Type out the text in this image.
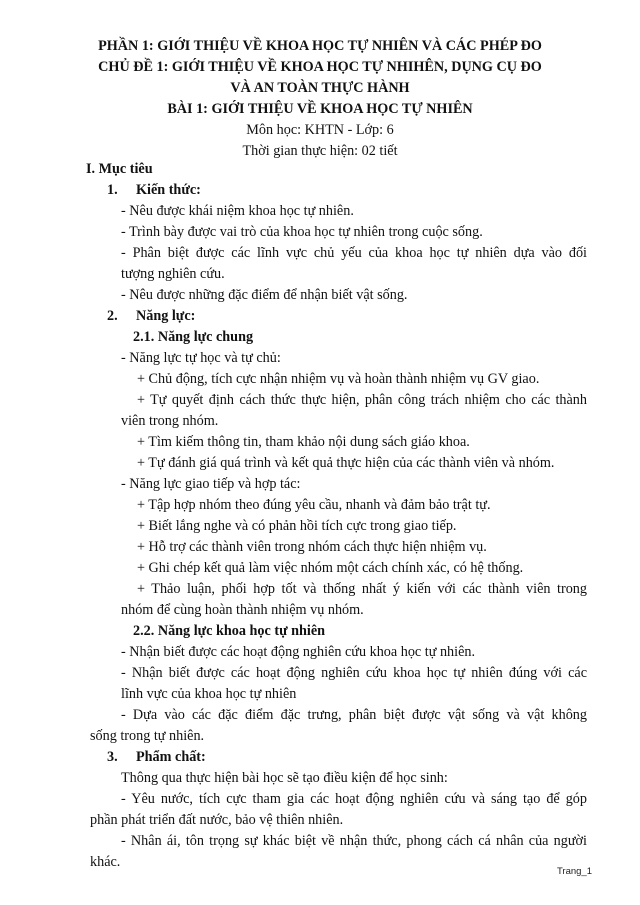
PHẦN 1: GIỚI THIỆU VỀ KHOA HỌC TỰ NHIÊN VÀ CÁC PHÉP ĐO
CHỦ ĐỀ 1: GIỚI THIỆU VỀ KHOA HỌC TỰ NHIHÊN, DỤNG CỤ ĐO
VÀ AN TOÀN THỰC HÀNH
BÀI 1: GIỚI THIỆU VỀ KHOA HỌC TỰ NHIÊN
Môn học: KHTN - Lớp: 6
Thời gian thực hiện: 02 tiết
I. Mục tiêu
1. Kiến thức:
- Nêu được khái niệm khoa học tự nhiên.
- Trình bày được vai trò của khoa học tự nhiên trong cuộc sống.
- Phân biệt được các lĩnh vực chủ yếu của khoa học tự nhiên dựa vào đối
tượng nghiên cứu.
- Nêu được những đặc điểm để nhận biết vật sống.
2. Năng lực:
2.1. Năng lực chung
- Năng lực tự học và tự chủ:
+ Chủ động, tích cực nhận nhiệm vụ và hoàn thành nhiệm vụ GV giao.
+ Tự quyết định cách thức thực hiện, phân công trách nhiệm cho các thành
viên trong nhóm.
+ Tìm kiếm thông tin, tham khảo nội dung sách giáo khoa.
+ Tự đánh giá quá trình và kết quả thực hiện của các thành viên và nhóm.
- Năng lực giao tiếp và hợp tác:
+ Tập hợp nhóm theo đúng yêu cầu, nhanh và đảm bảo trật tự.
+ Biết lắng nghe và có phản hồi tích cực trong giao tiếp.
+ Hỗ trợ các thành viên trong nhóm cách thực hiện nhiệm vụ.
+ Ghi chép kết quả làm việc nhóm một cách chính xác, có hệ thống.
+ Thảo luận, phối hợp tốt và thống nhất ý kiến với các thành viên trong
nhóm để cùng hoàn thành nhiệm vụ nhóm.
2.2. Năng lực khoa học tự nhiên
- Nhận biết được các hoạt động nghiên cứu khoa học tự nhiên.
- Nhận biết được các hoạt động nghiên cứu khoa học tự nhiên đúng với các
lĩnh vực của khoa học tự nhiên
- Dựa vào các đặc điểm đặc trưng, phân biệt được vật sống và vật không
sống trong tự nhiên.
3. Phẩm chất:
Thông qua thực hiện bài học sẽ tạo điều kiện để học sinh:
- Yêu nước, tích cực tham gia các hoạt động nghiên cứu và sáng tạo để góp
phần phát triển đất nước, bảo vệ thiên nhiên.
- Nhân ái, tôn trọng sự khác biệt về nhận thức, phong cách cá nhân của người
khác.
Trang_1
